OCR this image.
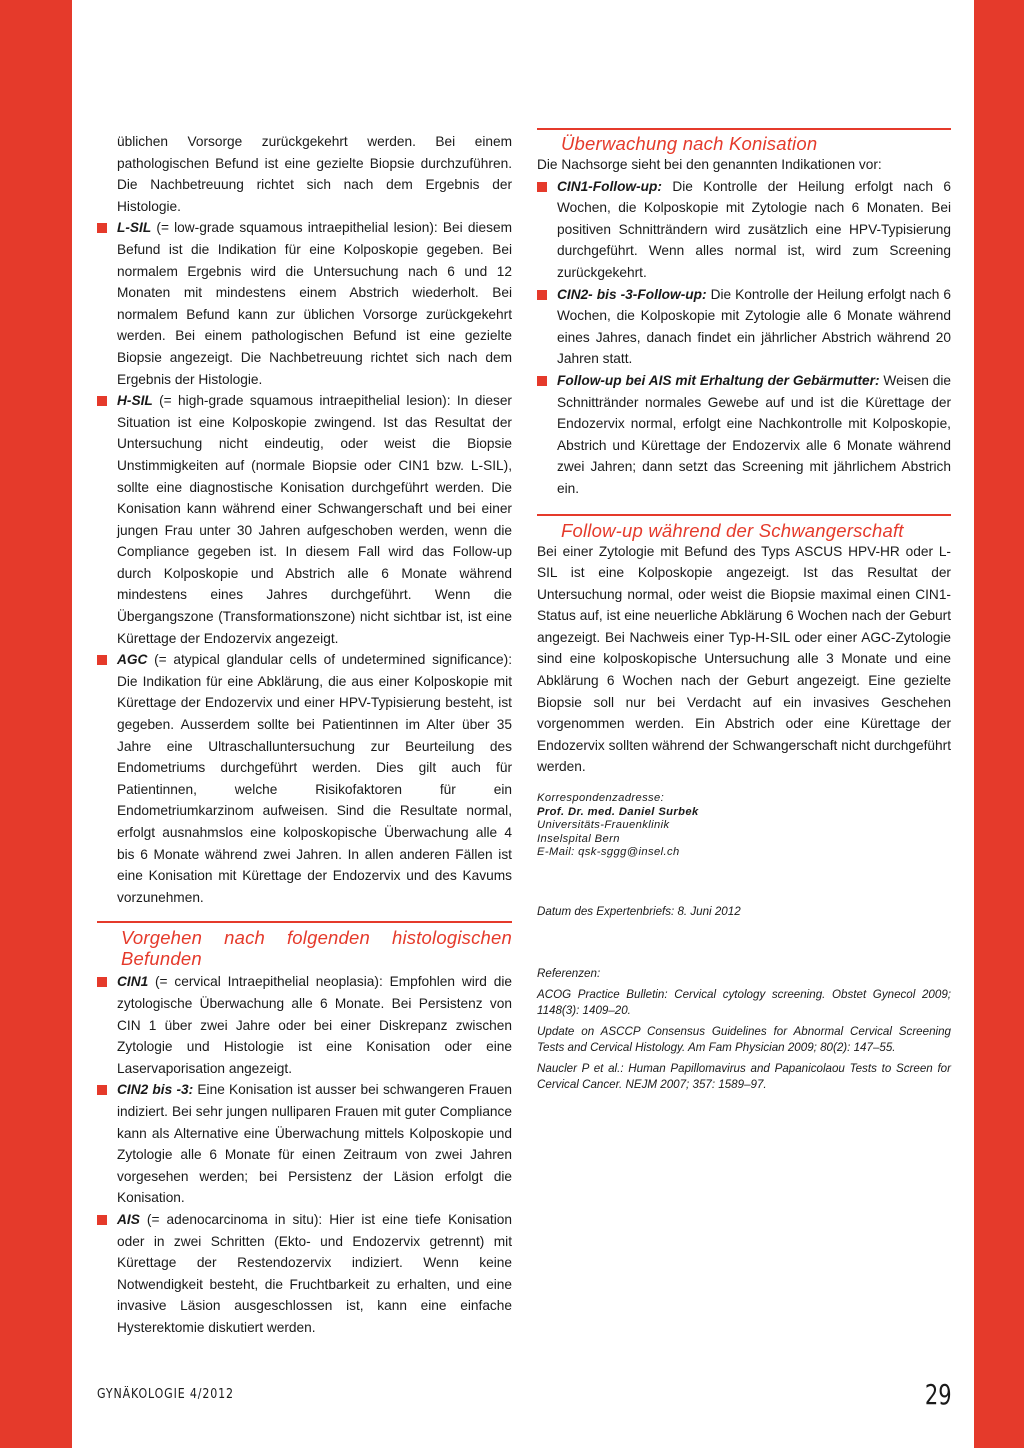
üblichen Vorsorge zurückgekehrt werden. Bei einem pathologischen Befund ist eine gezielte Biopsie durchzuführen. Die Nachbetreuung richtet sich nach dem Ergebnis der Histologie.

L-SIL (= low-grade squamous intraepithelial lesion): Bei diesem Befund ist die Indikation für eine Kolposkopie gegeben. Bei normalem Ergebnis wird die Untersuchung nach 6 und 12 Monaten mit mindestens einem Abstrich wiederholt. Bei normalem Befund kann zur üblichen Vorsorge zurückgekehrt werden. Bei einem pathologischen Befund ist eine gezielte Biopsie angezeigt. Die Nachbetreuung richtet sich nach dem Ergebnis der Histologie.
H-SIL (= high-grade squamous intraepithelial lesion): In dieser Situation ist eine Kolposkopie zwingend. Ist das Resultat der Untersuchung nicht eindeutig, oder weist die Biopsie Unstimmigkeiten auf (normale Biopsie oder CIN1 bzw. L-SIL), sollte eine diagnostische Konisation durchgeführt werden. Die Konisation kann während einer Schwangerschaft und bei einer jungen Frau unter 30 Jahren aufgeschoben werden, wenn die Compliance gegeben ist. In diesem Fall wird das Follow-up durch Kolposkopie und Abstrich alle 6 Monate während mindestens eines Jahres durchgeführt. Wenn die Übergangszone (Transformationszone) nicht sichtbar ist, ist eine Kürettage der Endozervix angezeigt.
AGC (= atypical glandular cells of undetermined significance): Die Indikation für eine Abklärung, die aus einer Kolposkopie mit Kürettage der Endozervix und einer HPV-Typisierung besteht, ist gegeben. Ausserdem sollte bei Patientinnen im Alter über 35 Jahre eine Ultraschalluntersuchung zur Beurteilung des Endometriums durchgeführt werden. Dies gilt auch für Patientinnen, welche Risikofaktoren für ein Endometriumkarzinom aufweisen. Sind die Resultate normal, erfolgt ausnahmslos eine kolposkopische Überwachung alle 4 bis 6 Monate während zwei Jahren. In allen anderen Fällen ist eine Konisation mit Kürettage der Endozervix und des Kavums vorzunehmen.
Vorgehen nach folgenden histologischen Befunden
CIN1 (= cervical Intraepithelial neoplasia): Empfohlen wird die zytologische Überwachung alle 6 Monate. Bei Persistenz von CIN 1 über zwei Jahre oder bei einer Diskrepanz zwischen Zytologie und Histologie ist eine Konisation oder eine Laservaporisation angezeigt.
CIN2 bis -3: Eine Konisation ist ausser bei schwangeren Frauen indiziert. Bei sehr jungen nulliparen Frauen mit guter Compliance kann als Alternative eine Überwachung mittels Kolposkopie und Zytologie alle 6 Monate für einen Zeitraum von zwei Jahren vorgesehen werden; bei Persistenz der Läsion erfolgt die Konisation.
AIS (= adenocarcinoma in situ): Hier ist eine tiefe Konisation oder in zwei Schritten (Ekto- und Endozervix getrennt) mit Kürettage der Restendozervix indiziert. Wenn keine Notwendigkeit besteht, die Fruchtbarkeit zu erhalten, und eine invasive Läsion ausgeschlossen ist, kann eine einfache Hysterektomie diskutiert werden.
Überwachung nach Konisation

Die Nachsorge sieht bei den genannten Indikationen vor:

CIN1-Follow-up: Die Kontrolle der Heilung erfolgt nach 6 Wochen, die Kolposkopie mit Zytologie nach 6 Monaten. Bei positiven Schnitträndern wird zusätzlich eine HPV-Typisierung durchgeführt. Wenn alles normal ist, wird zum Screening zurückgekehrt.
CIN2- bis -3-Follow-up: Die Kontrolle der Heilung erfolgt nach 6 Wochen, die Kolposkopie mit Zytologie alle 6 Monate während eines Jahres, danach findet ein jährlicher Abstrich während 20 Jahren statt.
Follow-up bei AIS mit Erhaltung der Gebärmutter: Weisen die Schnittränder normales Gewebe auf und ist die Kürettage der Endozervix normal, erfolgt eine Nachkontrolle mit Kolposkopie, Abstrich und Kürettage der Endozervix alle 6 Monate während zwei Jahren; dann setzt das Screening mit jährlichem Abstrich ein.
Follow-up während der Schwangerschaft

Bei einer Zytologie mit Befund des Typs ASCUS HPV-HR oder L-SIL ist eine Kolposkopie angezeigt. Ist das Resultat der Untersuchung normal, oder weist die Biopsie maximal einen CIN1-Status auf, ist eine neuerliche Abklärung 6 Wochen nach der Geburt angezeigt. Bei Nachweis einer Typ-H-SIL oder einer AGC-Zytologie sind eine kolposkopische Untersuchung alle 3 Monate und eine Abklärung 6 Wochen nach der Geburt angezeigt. Eine gezielte Biopsie soll nur bei Verdacht auf ein invasives Geschehen vorgenommen werden. Ein Abstrich oder eine Kürettage der Endozervix sollten während der Schwangerschaft nicht durchgeführt werden.

Korrespondenzadresse:
Prof. Dr. med. Daniel Surbek
Universitäts-Frauenklinik
Inselspital Bern
E-Mail: qsk-sggg@insel.ch
Datum des Expertenbriefs: 8. Juni 2012
Referenzen:
ACOG Practice Bulletin: Cervical cytology screening. Obstet Gynecol 2009; 1148(3): 1409–20.
Update on ASCCP Consensus Guidelines for Abnormal Cervical Screening Tests and Cervical Histology. Am Fam Physician 2009; 80(2): 147–55.
Naucler P et al.: Human Papillomavirus and Papanicolaou Tests to Screen for Cervical Cancer. NEJM 2007; 357: 1589–97.
GYNÄKOLOGIE 4/2012	29
